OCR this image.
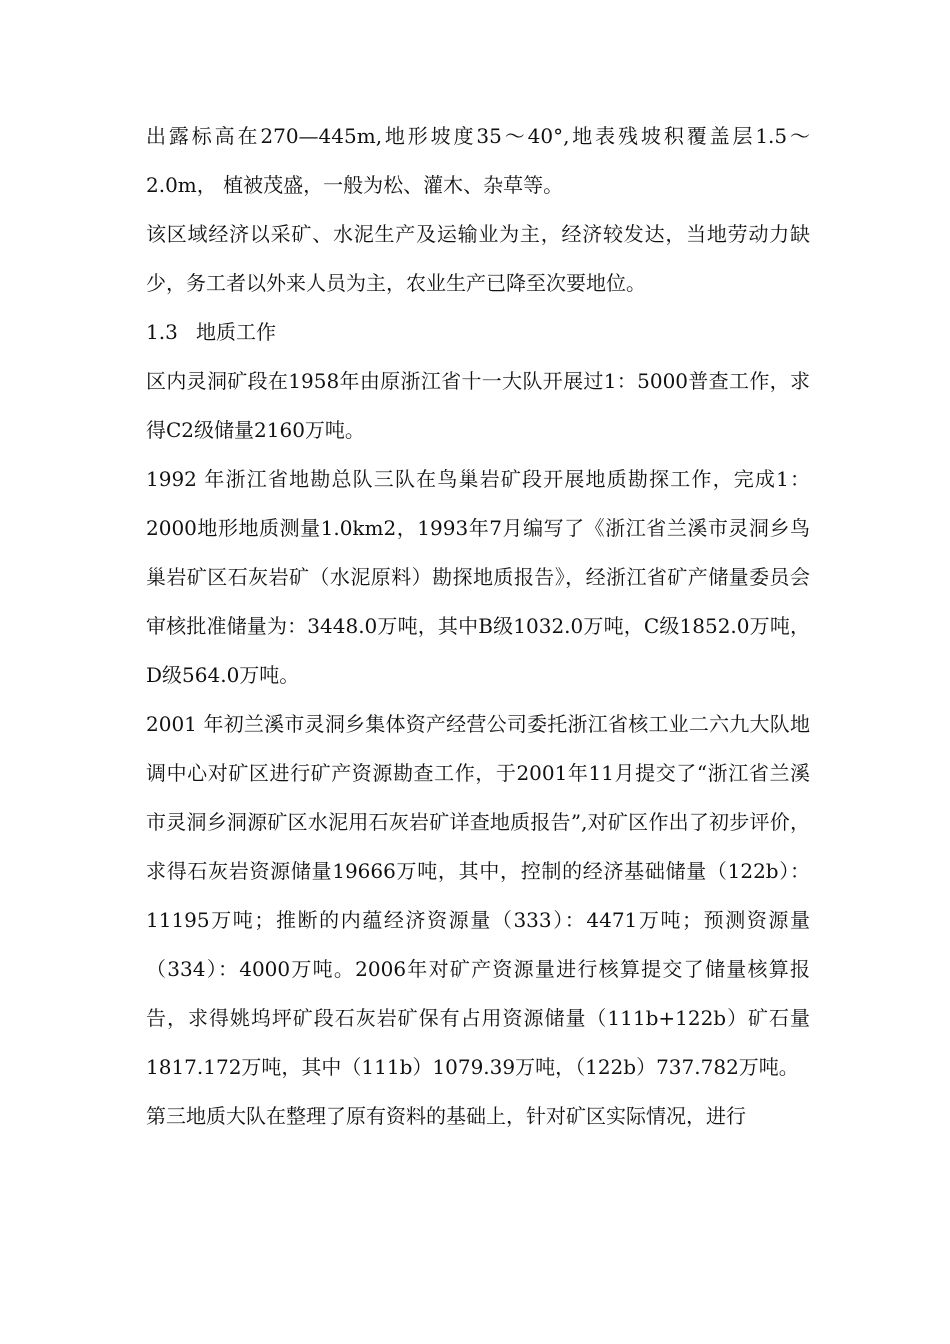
出露标高在270—445m,地形坡度35～40°,地表残坡积覆盖层1.5～2.0m， 植被茂盛，一般为松、灌木、杂草等。

该区域经济以采矿、水泥生产及运输业为主，经济较发达，当地劳动力缺少，务工者以外来人员为主，农业生产已降至次要地位。

1.3 地质工作

区内灵洞矿段在1958年由原浙江省十一大队开展过1：5000普查工作，求得C2级储量2160万吨。

1992 年浙江省地勘总队三队在鸟巢岩矿段开展地质勘探工作，完成1：2000地形地质测量1.0km2，1993年7月编写了《浙江省兰溪市灵洞乡鸟巢岩矿区石灰岩矿（水泥原料）勘探地质报告》，经浙江省矿产储量委员会审核批准储量为：3448.0万吨，其中B级1032.0万吨，C级1852.0万吨，D级564.0万吨。

2001 年初兰溪市灵洞乡集体资产经营公司委托浙江省核工业二六九大队地调中心对矿区进行矿产资源勘查工作，于2001年11月提交了“浙江省兰溪市灵洞乡洞源矿区水泥用石灰岩矿详查地质报告”,对矿区作出了初步评价，求得石灰岩资源储量19666万吨，其中，控制的经济基础储量（122b）：11195万吨；推断的内蕴经济资源量（333）：4471万吨；预测资源量（334）：4000万吨。2006年对矿产资源量进行核算提交了储量核算报告，求得姚坞坪矿段石灰岩矿保有占用资源储量（111b+122b）矿石量1817.172万吨，其中（111b）1079.39万吨，（122b）737.782万吨。

第三地质大队在整理了原有资料的基础上，针对矿区实际情况，进行
